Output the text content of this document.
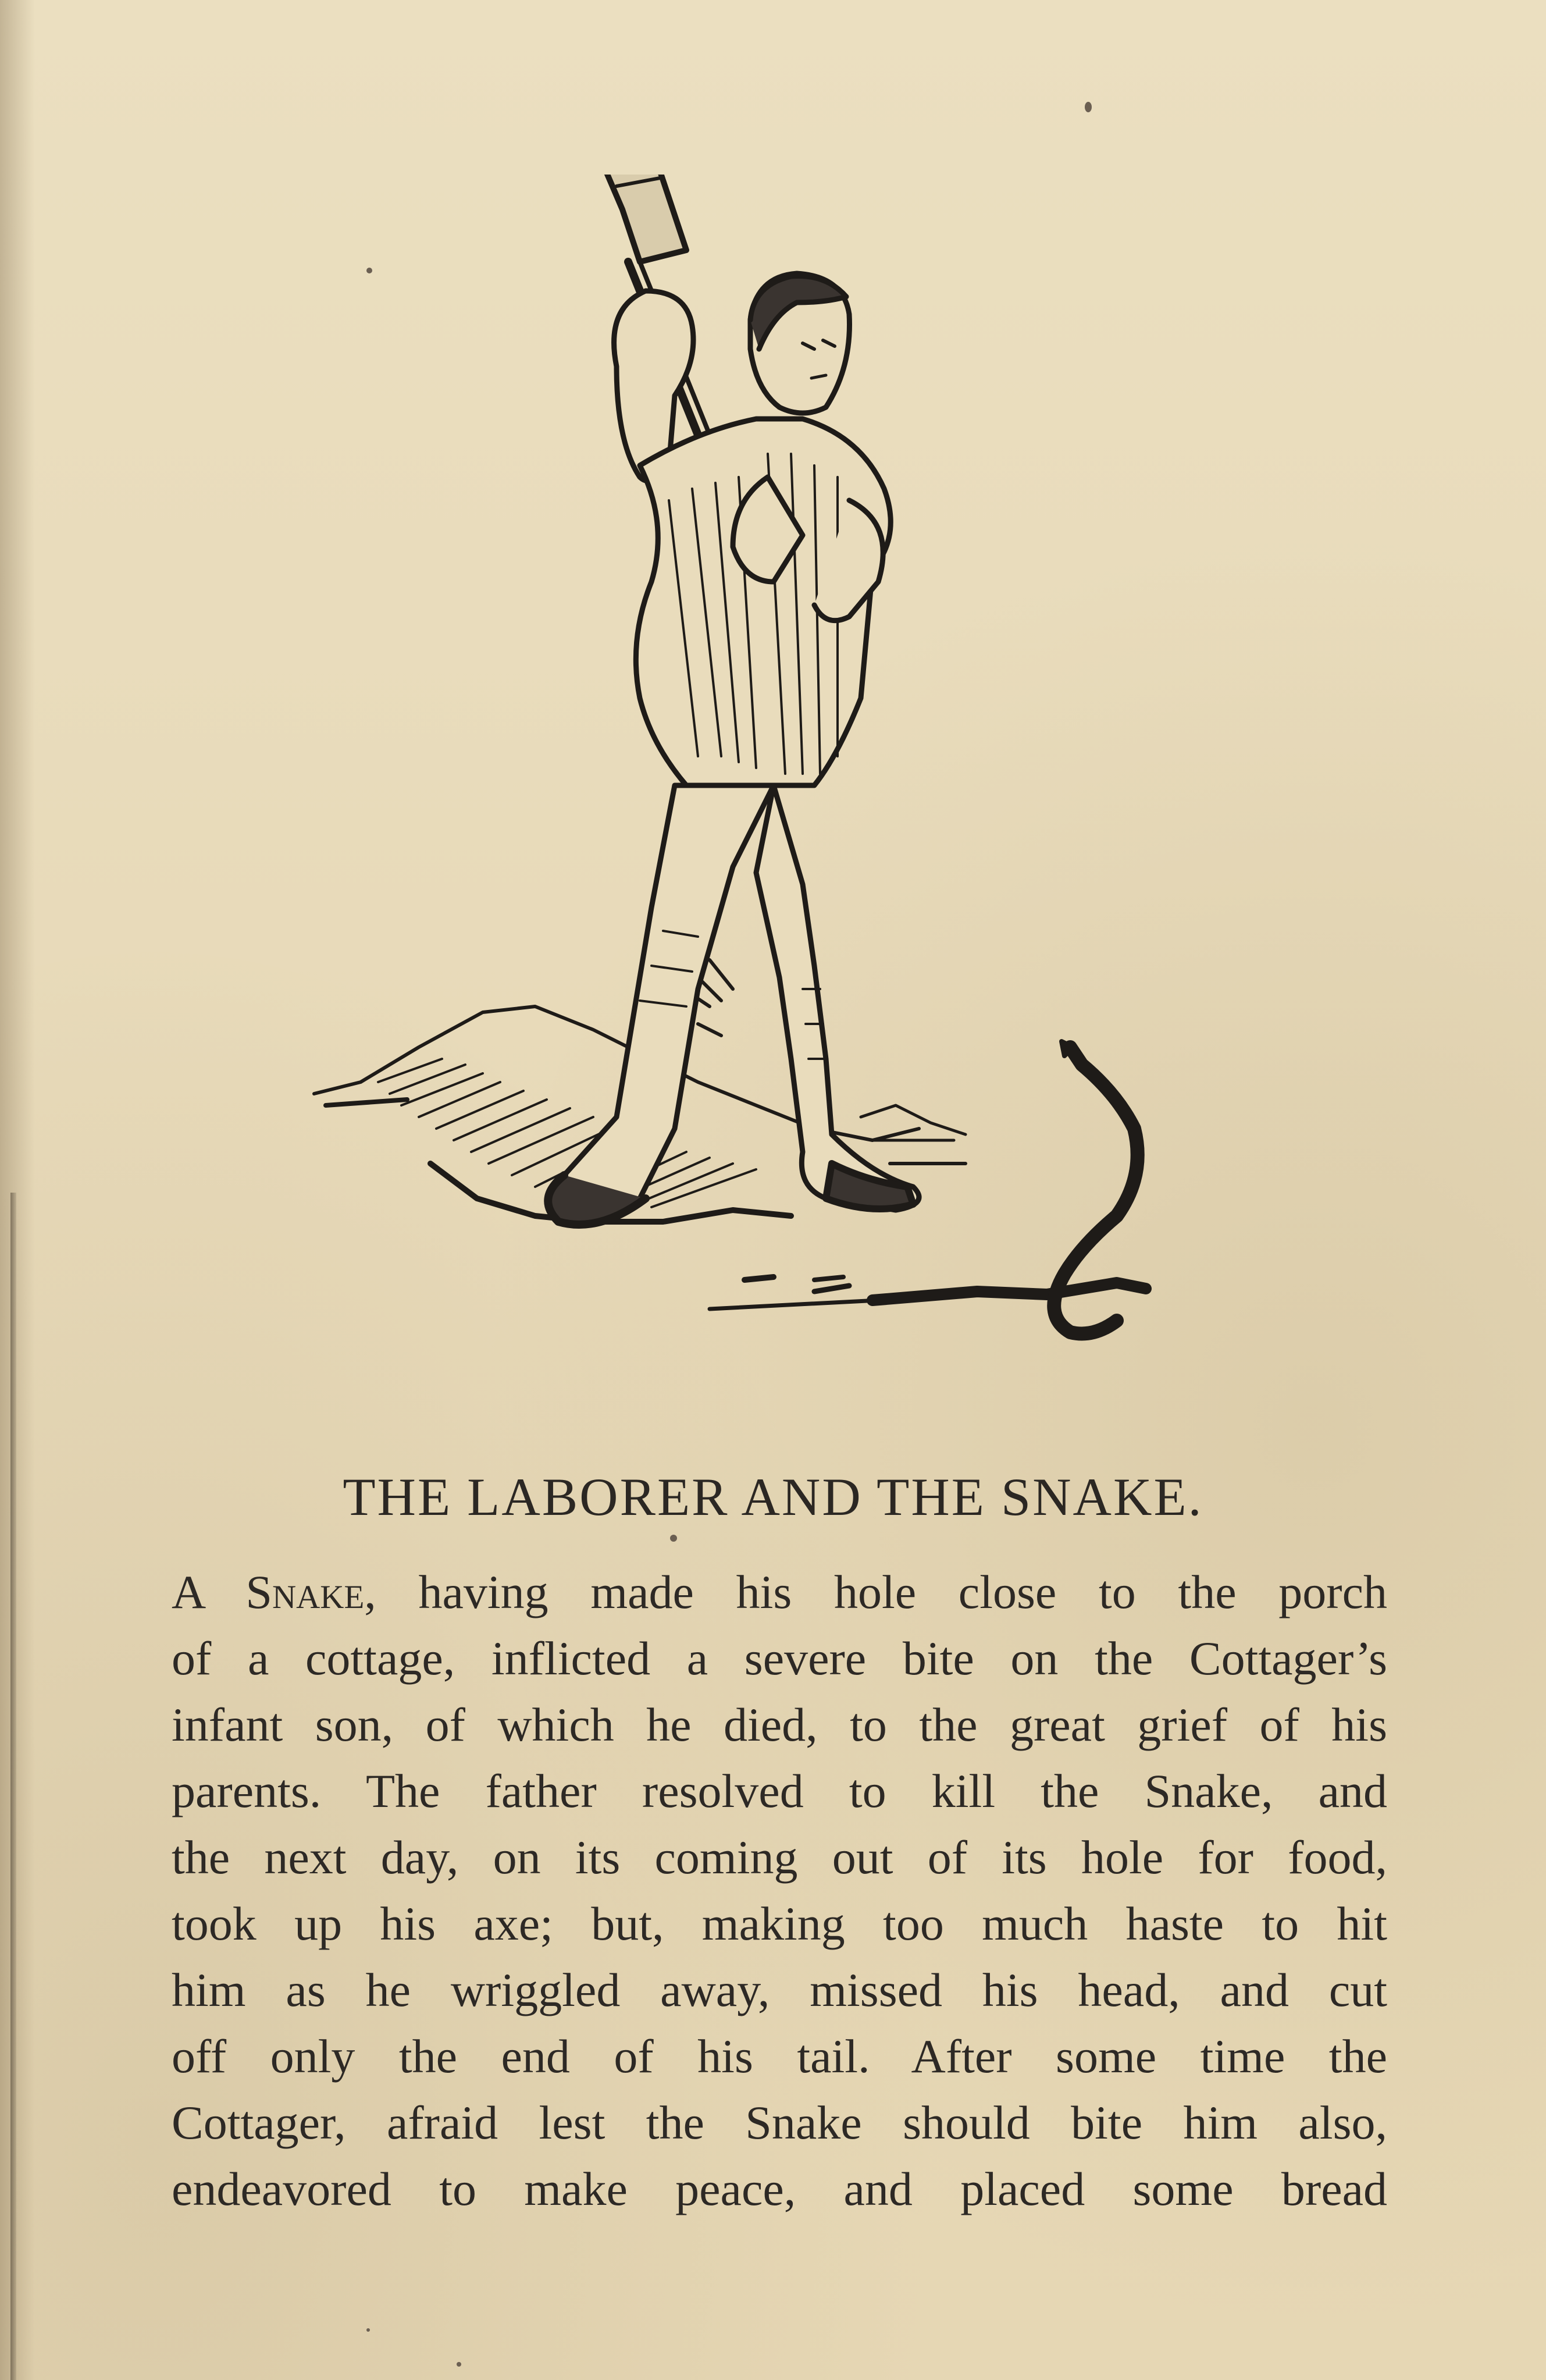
THE LABORER AND THE SNAKE.
A Snake, having made his hole close to the porch
of a cottage, inflicted a severe bite on the Cottager’s
infant son, of which he died, to the great grief of his
parents. The father resolved to kill the Snake, and
the next day, on its coming out of its hole for food,
took up his axe; but, making too much haste to hit
him as he wriggled away, missed his head, and cut
off only the end of his tail. After some time the
Cottager, afraid lest the Snake should bite him also,
endeavored to make peace, and placed some bread
